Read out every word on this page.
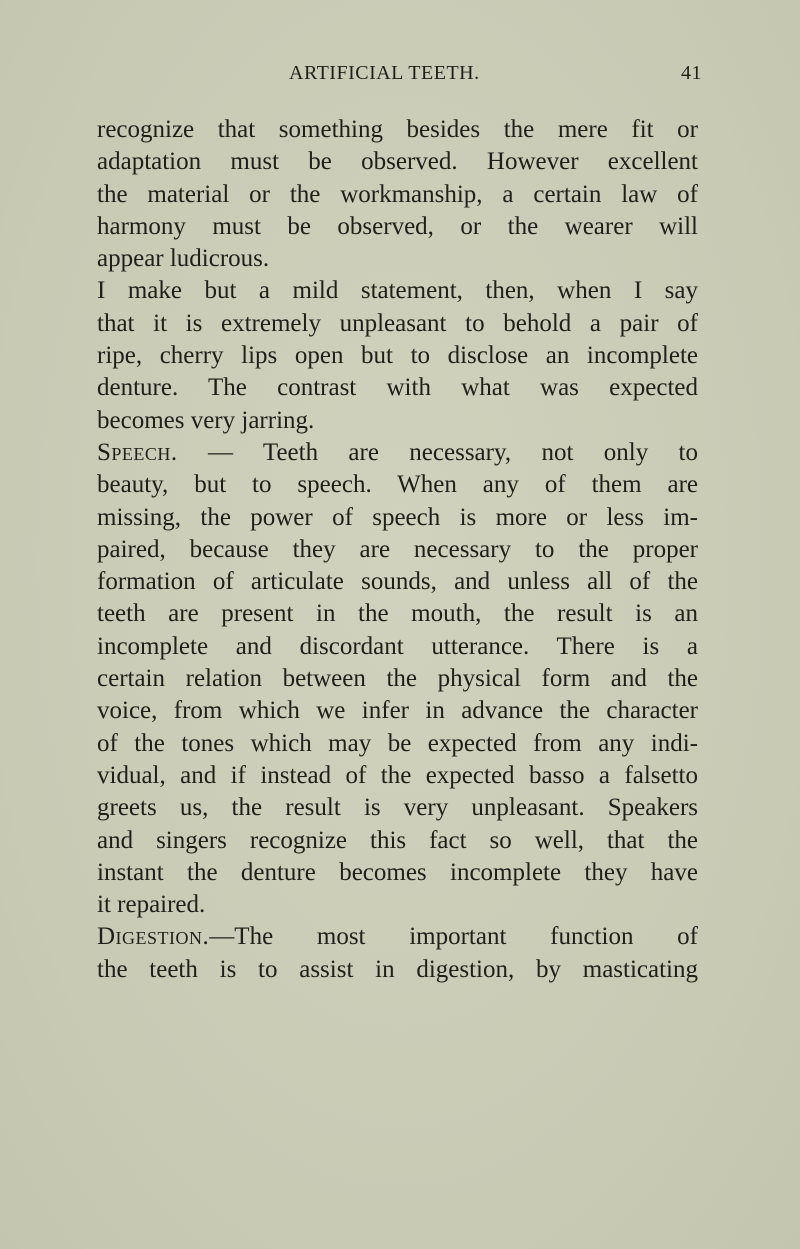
ARTIFICIAL TEETH.	41
recognize that something besides the mere fit or
adaptation must be observed. However excellent
the material or the workmanship, a certain law of
harmony must be observed, or the wearer will
appear ludicrous.
I make but a mild statement, then, when I say
that it is extremely unpleasant to behold a pair of
ripe, cherry lips open but to disclose an incomplete
denture. The contrast with what was expected
becomes very jarring.
Speech. — Teeth are necessary, not only to
beauty, but to speech. When any of them are
missing, the power of speech is more or less im-
paired, because they are necessary to the proper
formation of articulate sounds, and unless all of the
teeth are present in the mouth, the result is an
incomplete and discordant utterance. There is a
certain relation between the physical form and the
voice, from which we infer in advance the character
of the tones which may be expected from any indi-
vidual, and if instead of the expected basso a falsetto
greets us, the result is very unpleasant. Speakers
and singers recognize this fact so well, that the
instant the denture becomes incomplete they have
it repaired.
Digestion.—The most important function of
the teeth is to assist in digestion, by masticating
